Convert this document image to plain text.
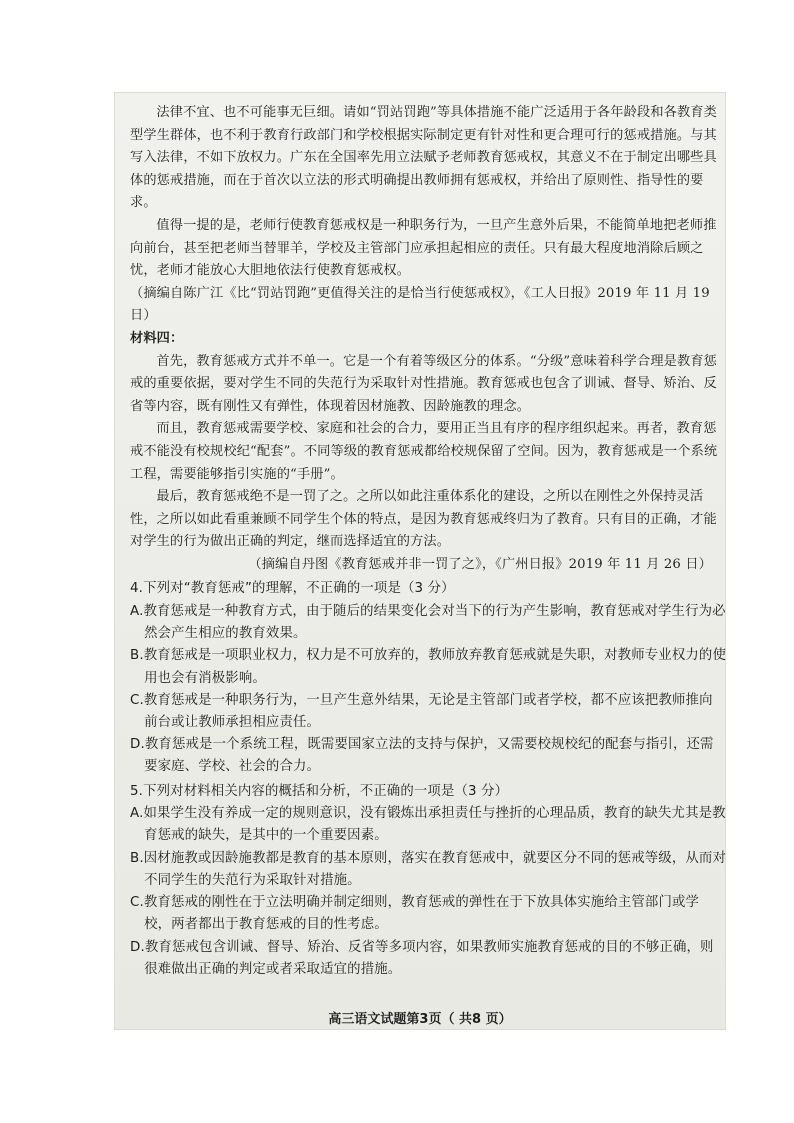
法律不宜、也不可能事无巨细。请如“罚站罚跑”等具体措施不能广泛适用于各年龄段和各教育类型学生群体，也不利于教育行政部门和学校根据实际制定更有针对性和更合理可行的惩戒措施。与其写入法律，不如下放权力。广东在全国率先用立法赋予老师教育惩戒权，其意义不在于制定出哪些具体的惩戒措施，而在于首次以立法的形式明确提出教师拥有惩戒权，并给出了原则性、指导性的要求。

值得一提的是，老师行使教育惩戒权是一种职务行为，一旦产生意外后果，不能简单地把老师推向前台，甚至把老师当替罪羊，学校及主管部门应承担起相应的责任。只有最大程度地消除后顾之忧，老师才能放心大胆地依法行使教育惩戒权。

（摘编自陈广江《比“罚站罚跑”更值得关注的是恰当行使惩戒权》，《工人日报》2019 年 11 月 19 日）

材料四：

首先，教育惩戒方式并不单一。它是一个有着等级区分的体系。“分级”意味着科学合理是教育惩戒的重要依据，要对学生不同的失范行为采取针对性措施。教育惩戒也包含了训诫、督导、矫治、反省等内容，既有刚性又有弹性，体现着因材施教、因龄施教的理念。

而且，教育惩戒需要学校、家庭和社会的合力，要用正当且有序的程序组织起来。再者，教育惩戒不能没有校规校纪“配套”。不同等级的教育惩戒都给校规保留了空间。因为，教育惩戒是一个系统工程，需要能够指引实施的“手册”。

最后，教育惩戒绝不是一罚了之。之所以如此注重体系化的建设，之所以在刚性之外保持灵活性，之所以如此看重兼顾不同学生个体的特点，是因为教育惩戒终归为了教育。只有目的正确，才能对学生的行为做出正确的判定，继而选择适宜的方法。

（摘编自丹图《教育惩戒并非一罚了之》，《广州日报》2019 年 11 月 26 日）

4.下列对“教育惩戒”的理解，不正确的一项是（3 分）

A.教育惩戒是一种教育方式，由于随后的结果变化会对当下的行为产生影响，教育惩戒对学生行为必然会产生相应的教育效果。

B.教育惩戒是一项职业权力，权力是不可放弃的，教师放弃教育惩戒就是失职，对教师专业权力的使用也会有消极影响。

C.教育惩戒是一种职务行为，一旦产生意外结果，无论是主管部门或者学校，都不应该把教师推向前台或让教师承担相应责任。

D.教育惩戒是一个系统工程，既需要国家立法的支持与保护，又需要校规校纪的配套与指引，还需要家庭、学校、社会的合力。

5.下列对材料相关内容的概括和分析，不正确的一项是（3 分）

A.如果学生没有养成一定的规则意识，没有锻炼出承担责任与挫折的心理品质，教育的缺失尤其是教育惩戒的缺失，是其中的一个重要因素。

B.因材施教或因龄施教都是教育的基本原则，落实在教育惩戒中，就要区分不同的惩戒等级，从而对不同学生的失范行为采取针对措施。

C.教育惩戒的刚性在于立法明确并制定细则，教育惩戒的弹性在于下放具体实施给主管部门或学校，两者都出于教育惩戒的目的性考虑。

D.教育惩戒包含训诫、督导、矫治、反省等多项内容，如果教师实施教育惩戒的目的不够正确，则很难做出正确的判定或者采取适宜的措施。

高三语文试题第3页（ 共8 页）
